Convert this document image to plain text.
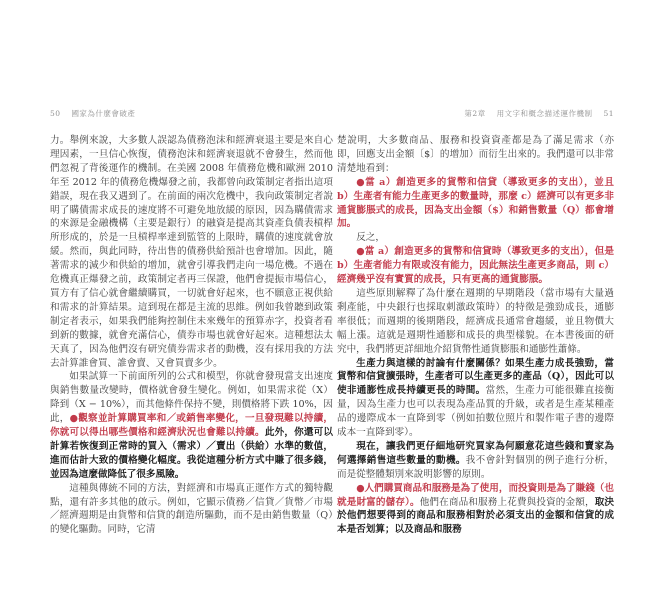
50 國家為什麼會破產

力。舉例來說，大多數人誤認為債務泡沫和經濟衰退主要是來自心理因素，一旦信心恢復，債務泡沫和經濟衰退就不會發生，然而他們忽視了背後運作的機制。在美國 2008 年債務危機和歐洲 2010 年至 2012 年的債務危機爆發之前，我都曾向政策制定者指出這項錯誤，現在我又遇到了。在前面的兩次危機中，我向政策制定者說明了購債需求成長的速度將不可避免地放緩的原因，因為購債需求的來源是金融機構（主要是銀行）的融資是提高其資產負債表槓桿所形成的，於是一旦槓桿率達到監管的上限時，購債的速度就會放緩。然而，與此同時，待出售的債務供給預計也會增加。因此，隨著需求的減少和供給的增加，就會引導我們走向一場危機。不過在危機真正爆發之前，政策制定者再三保證，他們會提振市場信心，買方有了信心就會繼續購買，一切就會好起來，也不願意正視供給和需求的計算結果。這到現在都是主流的思維。例如我曾聽到政策制定者表示，如果我們能夠控制住未來幾年的預算赤字，投資者看到新的數據，就會充滿信心，債券市場也就會好起來。這種想法太天真了，因為他們沒有研究債券需求者的動機，沒有採用我的方法去計算誰會買、誰會賣、又會買賣多少。

如果試算一下前面所列的公式和模型，你就會發現當支出速度與銷售數量改變時，價格就會發生變化。例如，如果需求從（X）降到（X − 10%），而其他條件保持不變，則價格將下跌 10%，因此，●觀察並計算購買率和／或銷售率變化，一旦發現難以持續，你就可以得出哪些價格和經濟狀況也會難以持續。此外，你還可以計算若恢復到正常時的買入（需求）／賣出（供給）水準的數值，進而估計大致的價格變化幅度。我從這種分析方式中賺了很多錢，並因為這麼做降低了很多風險。

這種與傳統不同的方法，對經濟和市場真正運作方式的獨特觀點，還有許多其他的啟示。例如，它顯示債務／信貸／貨幣／市場／經濟週期是由貨幣和信貸的創造所驅動，而不是由銷售數量（Q）的變化驅動。同時，它清

第2章 用文字和概念描述運作機制 51

楚說明，大多數商品、服務和投資資產都是為了滿足需求（亦即，回應支出金額〔$〕的增加）而衍生出來的。我們還可以非常清楚地看到：

●當 a）創造更多的貨幣和信貸（導致更多的支出），並且 b）生產者有能力生產更多的數量時，那麼 c）經濟可以有更多非通貨膨脹式的成長，因為支出金額（$）和銷售數量（Q）都會增加。

反之，

●當 a）創造更多的貨幣和信貸時（導致更多的支出），但是 b）生產者能力有限或沒有能力，因此無法生產更多商品，則 c）經濟幾乎沒有實質的成長，只有更高的通貨膨脹。

這些原則解釋了為什麼在週期的早期階段（當市場有大量過剩產能，中央銀行也採取刺激政策時）的特徵是強勁成長，通膨率很低；而週期的後期階段，經濟成長通常會趨緩，並且物價大幅上漲。這就是週期性通膨和成長的典型樣貌。在本書後面的研究中，我們將更詳細地介紹貨幣性通貨膨脹和通膨性蕭條。

生產力與這樣的討論有什麼關係？如果生產力成長強勁，當貨幣和信貸擴張時，生產者可以生產更多的產品（Q），因此可以使非通膨性成長持續更長的時間。當然，生產力可能很難直接衡量，因為生產力也可以表現為產品質的升級，或者是生產某種產品的邊際成本一直降到零（例如拍數位照片和製作電子書的邊際成本一直降到零）。

現在，讓我們更仔細地研究買家為何願意花這些錢和賣家為何選擇銷售這些數量的動機。我不會針對個別的例子進行分析，而是從整體類別來說明影響的原則。

●人們購買商品和服務是為了使用，而投資則是為了賺錢（也就是財富的儲存）。他們在商品和服務上花費與投資的金額，取決於他們想要得到的商品和服務相對於必須支出的金額和信貸的成本是否划算；以及商品和服務
